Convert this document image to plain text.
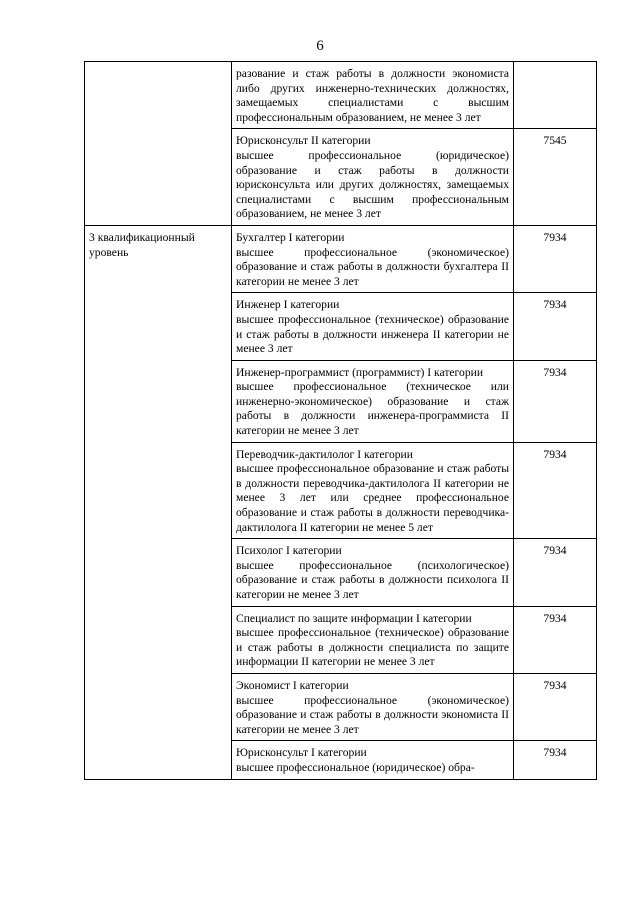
6

	разование и стаж работы в должности экономиста либо других инженерно-технических должностях, замещаемых специалистами с высшим профессиональным образованием, не менее 3 лет	

	Юрисконсульт II категории
высшее профессиональное (юридическое) образование и стаж работы в должности юрисконсульта или других должностях, замещаемых специалистами с высшим профессиональным образованием, не менее 3 лет	7545
3 квалификационный уровень	Бухгалтер I категории
высшее профессиональное (экономическое) образование и стаж работы в должности бухгалтера II категории не менее 3 лет	7934

	Инженер I категории
высшее профессиональное (техническое) образование и стаж работы в должности инженера II категории не менее 3 лет	7934

	Инженер-программист (программист) I категории
высшее профессиональное (техническое или инженерно-экономическое) образование и стаж работы в должности инженера-программиста II категории не менее 3 лет	7934

	Переводчик-дактилолог I категории
высшее профессиональное образование и стаж работы в должности переводчика-дактилолога II категории не менее 3 лет или среднее профессиональное образование и стаж работы в должности переводчика-дактилолога II категории не менее 5 лет	7934

	Психолог I категории
высшее профессиональное (психологическое) образование и стаж работы в должности психолога II категории не менее 3 лет	7934

	Специалист по защите информации I категории
высшее профессиональное (техническое) образование и стаж работы в должности специалиста по защите информации II категории не менее 3 лет	7934

	Экономист I категории
высшее профессиональное (экономическое) образование и стаж работы в должности экономиста II категории не менее 3 лет	7934

	Юрисконсульт I категории
высшее профессиональное (юридическое) обра-	7934
